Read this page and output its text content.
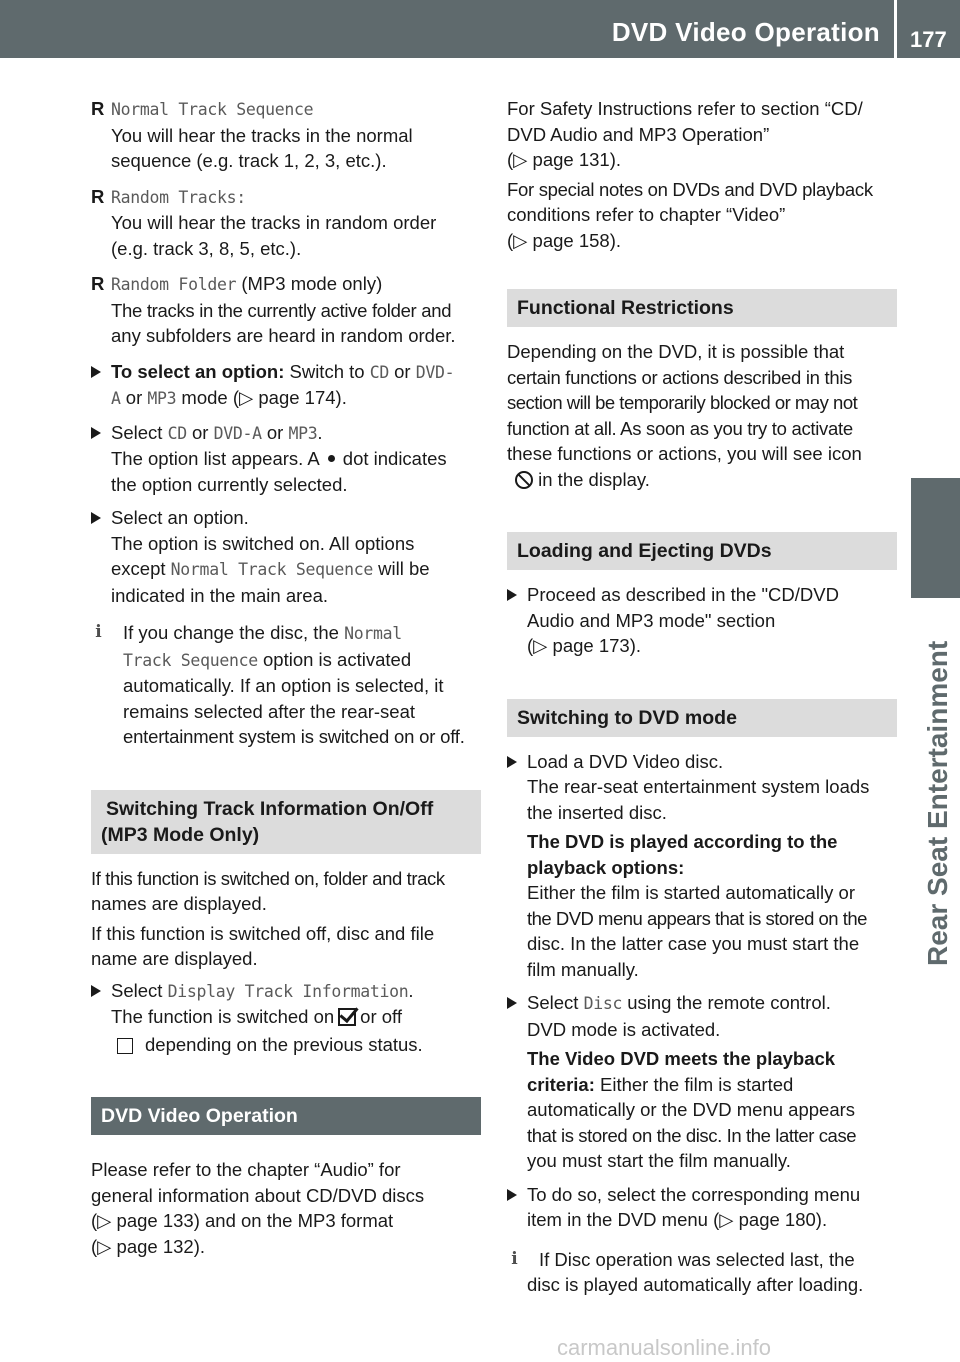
DVD Video Operation 177
Rear Seat Entertainment
R Normal Track Sequence
You will hear the tracks in the normal
sequence (e.g. track 1, 2, 3, etc.).
R Random Tracks:
You will hear the tracks in random order
(e.g. track 3, 8, 5, etc.).
R Random Folder (MP3 mode only)
The tracks in the currently active folder and
any subfolders are heard in random order.
To select an option: Switch to CD or DVD-
A or MP3 mode (▷ page 174).
Select CD or DVD-A or MP3.
The option list appears. A dot indicates
the option currently selected.
Select an option.
The option is switched on. All options
except Normal Track Sequence will be
indicated in the main area.
i	If you change the disc, the Normal
Track Sequence option is activated
automatically. If an option is selected, it
remains selected after the rear-seat
entertainment system is switched on or off.
Switching Track Information On/Off
(MP3 Mode Only)
If this function is switched on, folder and track
names are displayed.
If this function is switched off, disc and file
name are displayed.
Select Display Track Information.
The function is switched on or off
depending on the previous status.
DVD Video Operation
Please refer to the chapter “Audio” for
general information about CD/DVD discs
(▷ page 133) and on the MP3 format
(▷ page 132).
For Safety Instructions refer to section “CD/
DVD Audio and MP3 Operation”
(▷ page 131).
For special notes on DVDs and DVD playback
conditions refer to chapter “Video”
(▷ page 158).
Functional Restrictions
Depending on the DVD, it is possible that
certain functions or actions described in this
section will be temporarily blocked or may not
function at all. As soon as you try to activate
these functions or actions, you will see icon
in the display.
Loading and Ejecting DVDs
Proceed as described in the "CD/DVD
Audio and MP3 mode" section
(▷ page 173).
Switching to DVD mode
Load a DVD Video disc.
The rear-seat entertainment system loads
the inserted disc.
The DVD is played according to the
playback options:
Either the film is started automatically or
the DVD menu appears that is stored on the
disc. In the latter case you must start the
film manually.
Select Disc using the remote control.
DVD mode is activated.
The Video DVD meets the playback
criteria: Either the film is started
automatically or the DVD menu appears
that is stored on the disc. In the latter case
you must start the film manually.
To do so, select the corresponding menu
item in the DVD menu (▷ page 180).
i	If Disc operation was selected last, the
disc is played automatically after loading.
carmanualsonline.info
